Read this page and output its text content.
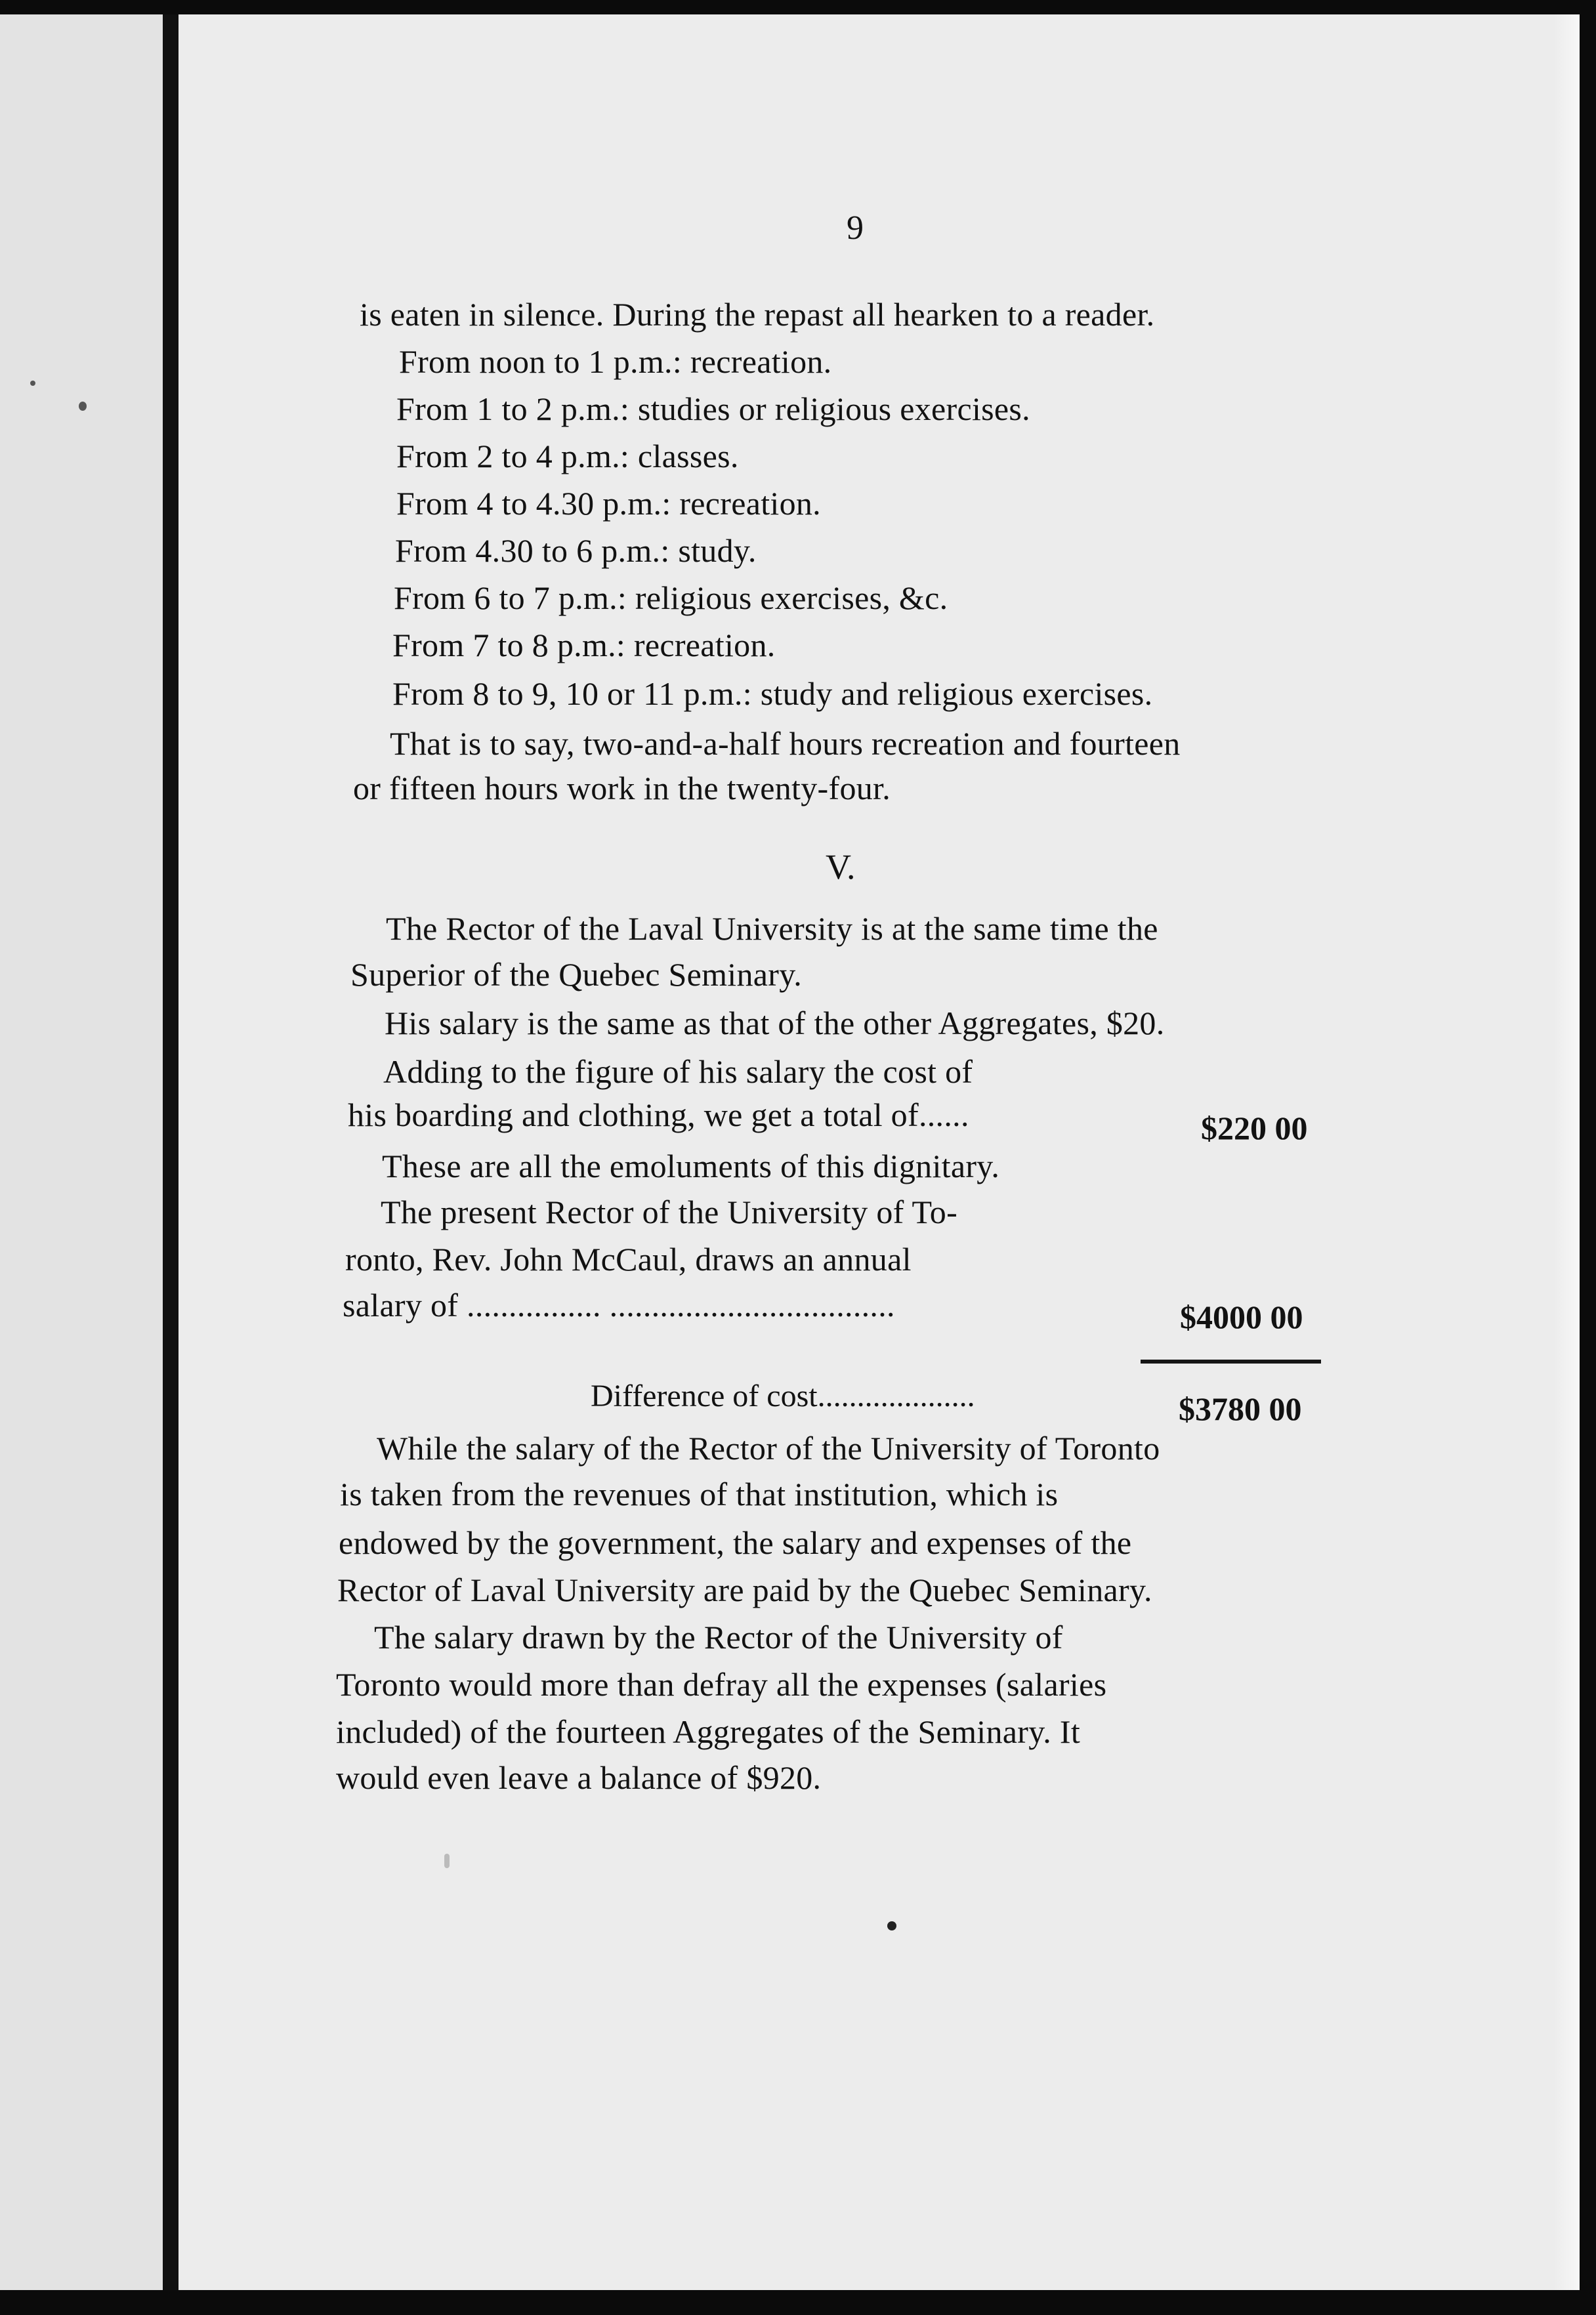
9
is eaten in silence. During the repast all hearken to a reader.
From noon to 1 p.m.: recreation.
From 1 to 2 p.m.: studies or religious exercises.
From 2 to 4 p.m.: classes.
From 4 to 4.30 p.m.: recreation.
From 4.30 to 6 p.m.: study.
From 6 to 7 p.m.: religious exercises, &c.
From 7 to 8 p.m.: recreation.
From 8 to 9, 10 or 11 p.m.: study and religious exercises.
That is to say, two-and-a-half hours recreation and fourteen
or fifteen hours work in the twenty-four.
V.
The Rector of the Laval University is at the same time the
Superior of the Quebec Seminary.
His salary is the same as that of the other Aggregates, $20.
Adding to the figure of his salary the cost of
his boarding and clothing, we get a total of......	$220 00
These are all the emoluments of this dignitary.
The present Rector of the University of To-
ronto, Rev. John McCaul, draws an annual
salary of ................ ..................................	$4000 00
Difference of cost....................	$3780 00
While the salary of the Rector of the University of Toronto
is taken from the revenues of that institution, which is
endowed by the government, the salary and expenses of the
Rector of Laval University are paid by the Quebec Seminary.
The salary drawn by the Rector of the University of
Toronto would more than defray all the expenses (salaries
included) of the fourteen Aggregates of the Seminary. It
would even leave a balance of $920.
